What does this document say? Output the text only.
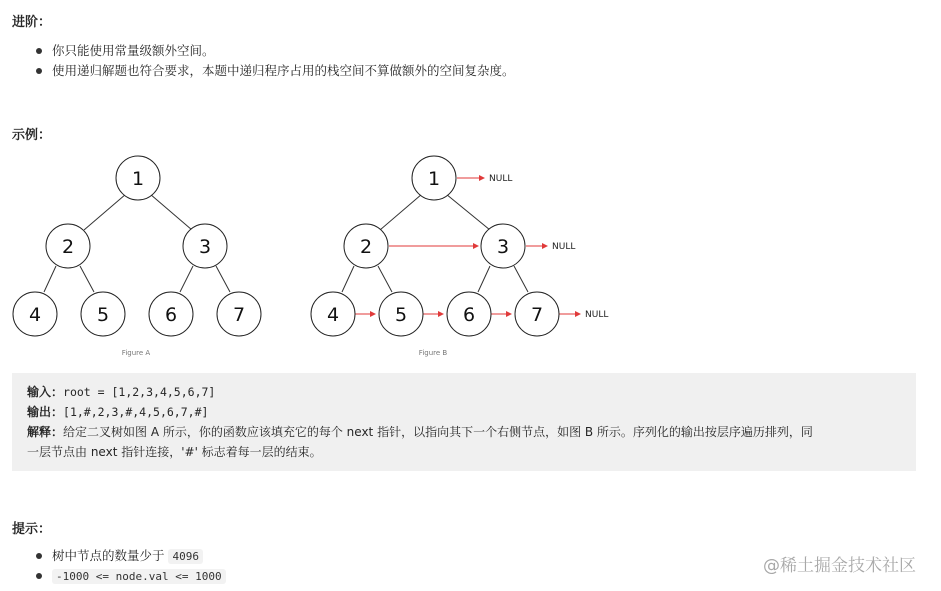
进阶：
你只能使用常量级额外空间。
使用递归解题也符合要求，本题中递归程序占用的栈空间不算做额外的空间复杂度。
示例：
1
2	3
4	5	6	7
Figure A
1
2	3
4	5	6	7
NULL
NULL
NULL
Figure B
输入：root = [1,2,3,4,5,6,7]
输出：[1,#,2,3,#,4,5,6,7,#]
解释：给定二叉树如图 A 所示，你的函数应该填充它的每个 next 指针，以指向其下一个右侧节点，如图 B 所示。序列化的输出按层序遍历排列，同
一层节点由 next 指针连接，'#' 标志着每一层的结束。
提示：
树中节点的数量少于 4096
-1000 <= node.val <= 1000
@稀土掘金技术社区
